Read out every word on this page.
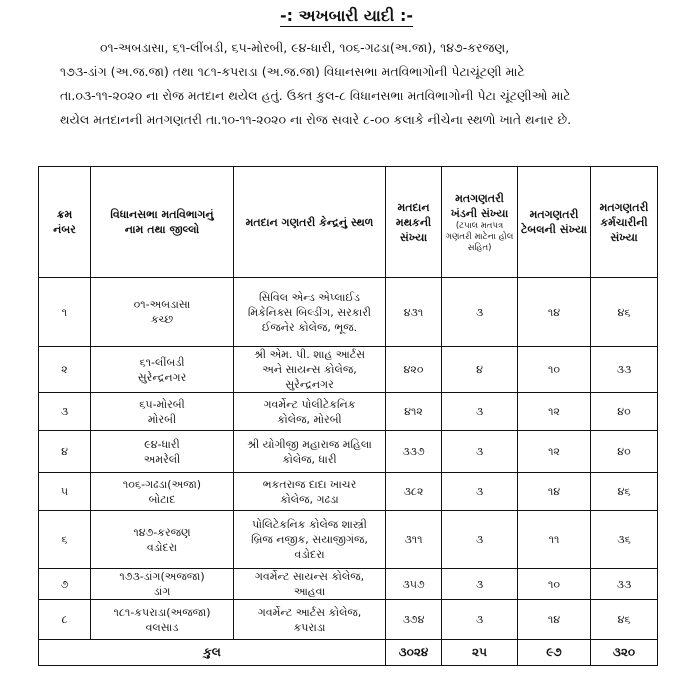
-: અખબારી યાદી :-

૦૧-અબડાસા, ૬૧-લીંબડી, ૬૫-મોરબી, ૯૪-ધારી, ૧૦૬-ગઢડા(અ.જા), ૧૪૭-કરજણ,

૧૭૩-ડાંગ (અ.જ.જા) તથા ૧૮૧-કપરાડા (અ.જ.જા) વિધાનસભા મતવિભાગોની પેટાચૂંટણી માટે

તા.૦૩-૧૧-૨૦૨૦ ના રોજ મતદાન થયેલ હતું. ઉક્ત કુલ-૮ વિધાનસભા મતવિભાગોની પેટા ચૂંટણીઓ માટે

થયેલ મતદાનની મતગણતરી તા.૧૦-૧૧-૨૦૨૦ ના રોજ સવારે ૮-૦૦ કલાકે નીચેના સ્થળો ખાતે થનાર છે.

ક્રમ
નંબર	વિધાનસભા મતવિભાગનું
નામ તથા જીલ્લો	મતદાન ગણતરી કેન્દ્રનું સ્થળ	મતદાન મથકની સંખ્યા	મતગણતરી ખંડની સંખ્યા
(ટપાલ મતપત્ર ગણતરી માટેના હોલ સહિત)	મતગણતરી ટેબલની સંખ્યા	મતગણતરી કર્મચારીની સંખ્યા
૧	૦૧-અબડાસા
કચ્છ	સિવિલ એન્ડ એપ્લાઈડ
મિકેનિક્સ બિલ્ડીંગ, સરકારી
ઈજનેર કોલેજ, ભૂજ.	૪૩૧	૩	૧૪	૪૬
૨	૬૧-લીંબડી
સુરેન્દ્રનગર	શ્રી એમ. પી. શાહ આર્ટસ
અને સાયન્સ કોલેજ,
સુરેન્દ્રનગર	૪૨૦	૪	૧૦	૩૩
૩	૬૫-મોરબી
મોરબી	ગવર્મેન્ટ પોલીટેકનિક
કોલેજ, મોરબી	૪૧૨	૩	૧૨	૪૦
૪	૯૪-ધારી
અમરેલી	શ્રી યોગીજી મહારાજ મહિલા
કોલેજ, ધારી	૩૩૭	૩	૧૨	૪૦
૫	૧૦૬-ગઢડા(અજા)
બોટાદ	ભકતરાજ દાદા ખાચર
કોલેજ, ગઢડા	૩૮૨	૩	૧૪	૪૬
૬	૧૪૭-કરજણ
વડોદરા	પોલિટેકનિક કોલેજ શાસ્ત્રી
બ્રિજ નજીક, સયાજીગંજ,
વડોદરા	૩૧૧	૩	૧૧	૩૬
૭	૧૭૩-ડાંગ(અજજા)
ડાંગ	ગવર્મેન્ટ સાયન્સ કોલેજ,
આહવા	૩૫૭	૩	૧૦	૩૩
૮	૧૮૧-કપરાડા(અજજા)
વલસાડ	ગવર્મેન્ટ આર્ટસ કોલેજ,
કપરાડા	૩૭૪	૩	૧૪	૪૬
કુલ			૩૦૨૪	૨૫	૯૭	૩૨૦
